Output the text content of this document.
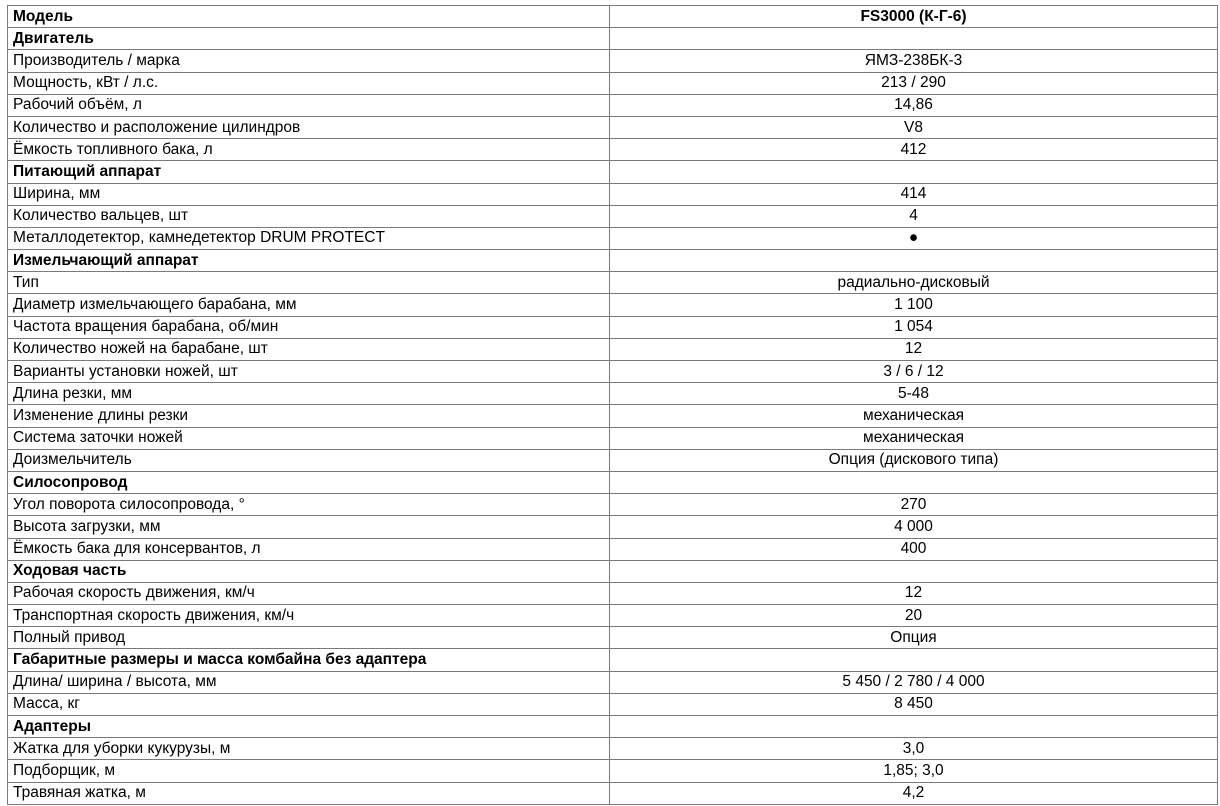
Модель	FS3000 (К-Г-6)
Двигатель	
Производитель / марка	ЯМЗ-238БК-3
Мощность, кВт / л.с.	213 / 290
Рабочий объём, л	14,86
Количество и расположение цилиндров	V8
Ёмкость топливного бака, л	412
Питающий аппарат	
Ширина, мм	414
Количество вальцев, шт	4
Металлодетектор, камнедетектор DRUM PROTECT	●
Измельчающий аппарат	
Тип	радиально-дисковый
Диаметр измельчающего барабана, мм	1 100
Частота вращения барабана, об/мин	1 054
Количество ножей на барабане, шт	12
Варианты установки ножей, шт	3 / 6 / 12
Длина резки, мм	5-48
Изменение длины резки	механическая
Система заточки ножей	механическая
Доизмельчитель	Опция (дискового типа)
Силосопровод	
Угол поворота силосопровода, °	270
Высота загрузки, мм	4 000
Ёмкость бака для консервантов, л	400
Ходовая часть	
Рабочая скорость движения, км/ч	12
Транспортная скорость движения, км/ч	20
Полный привод	Опция
Габаритные размеры и масса комбайна без адаптера	
Длина/ ширина / высота, мм	5 450 / 2 780 / 4 000
Масса, кг	8 450
Адаптеры	
Жатка для уборки кукурузы, м	3,0
Подборщик, м	1,85; 3,0
Травяная жатка, м	4,2
